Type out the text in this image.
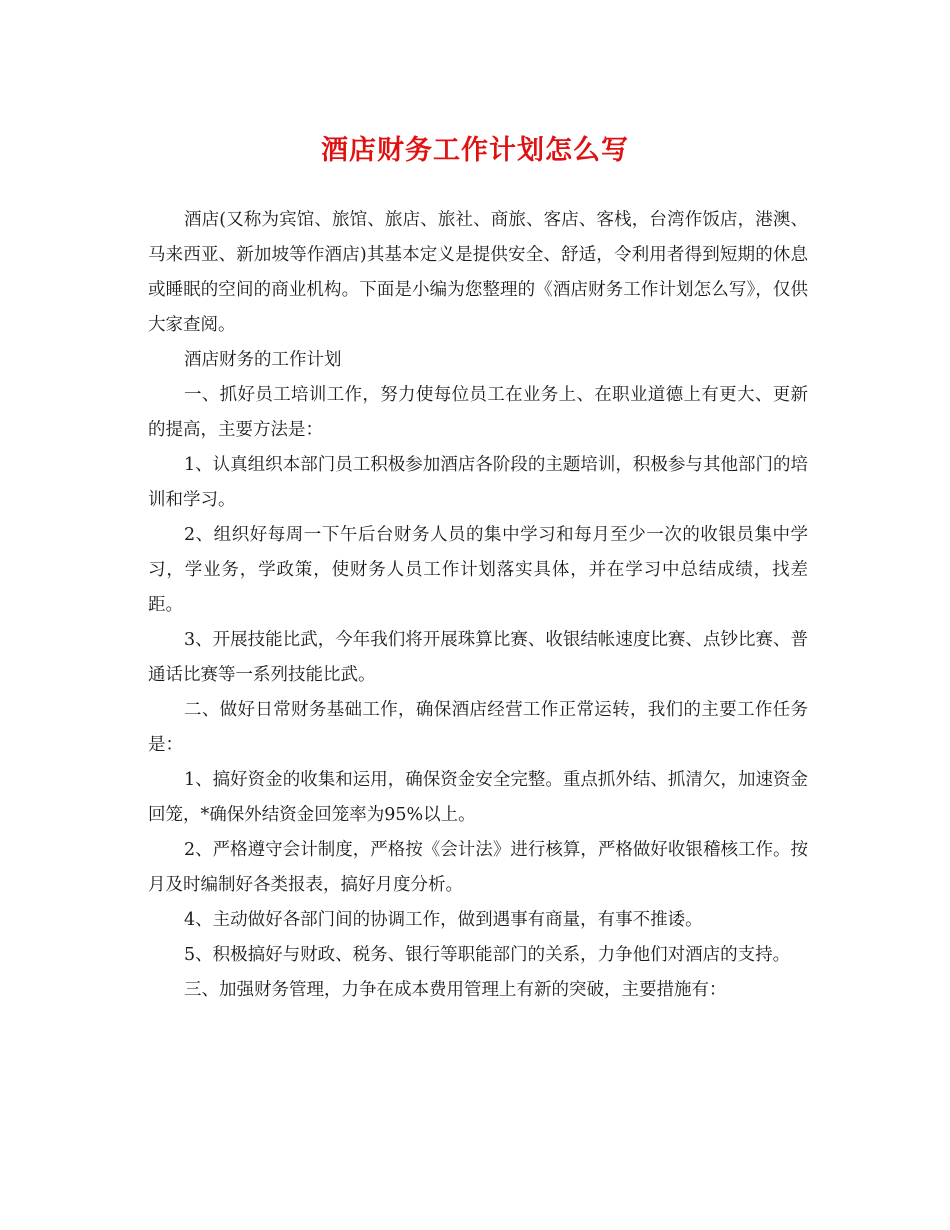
酒店财务工作计划怎么写

酒店(又称为宾馆、旅馆、旅店、旅社、商旅、客店、客栈，台湾作饭店，港澳、马来西亚、新加坡等作酒店)其基本定义是提供安全、舒适，令利用者得到短期的休息或睡眠的空间的商业机构。下面是小编为您整理的《酒店财务工作计划怎么写》，仅供大家查阅。

酒店财务的工作计划

一、抓好员工培训工作，努力使每位员工在业务上、在职业道德上有更大、更新的提高，主要方法是：

1、认真组织本部门员工积极参加酒店各阶段的主题培训，积极参与其他部门的培训和学习。

2、组织好每周一下午后台财务人员的集中学习和每月至少一次的收银员集中学习，学业务，学政策，使财务人员工作计划落实具体，并在学习中总结成绩，找差距。

3、开展技能比武，今年我们将开展珠算比赛、收银结帐速度比赛、点钞比赛、普通话比赛等一系列技能比武。

二、做好日常财务基础工作，确保酒店经营工作正常运转，我们的主要工作任务是：

1、搞好资金的收集和运用，确保资金安全完整。重点抓外结、抓清欠，加速资金回笼，*确保外结资金回笼率为95%以上。

2、严格遵守会计制度，严格按《会计法》进行核算，严格做好收银稽核工作。按月及时编制好各类报表，搞好月度分析。

4、主动做好各部门间的协调工作，做到遇事有商量，有事不推诿。

5、积极搞好与财政、税务、银行等职能部门的关系，力争他们对酒店的支持。

三、加强财务管理，力争在成本费用管理上有新的突破，主要措施有：
